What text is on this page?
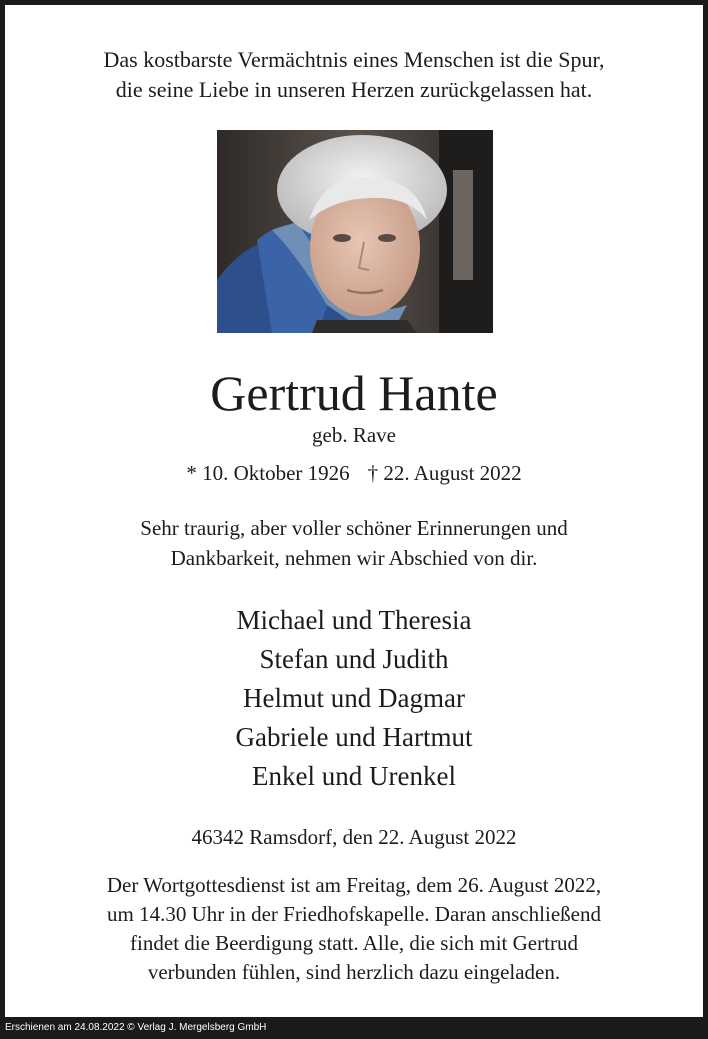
Das kostbarste Vermächtnis eines Menschen ist die Spur,
die seine Liebe in unseren Herzen zurückgelassen hat.
Gertrud Hante
geb. Rave
* 10. Oktober 1926 † 22. August 2022
Sehr traurig, aber voller schöner Erinnerungen und
Dankbarkeit, nehmen wir Abschied von dir.
Michael und Theresia
Stefan und Judith
Helmut und Dagmar
Gabriele und Hartmut
Enkel und Urenkel
46342 Ramsdorf, den 22. August 2022
Der Wortgottesdienst ist am Freitag, dem 26. August 2022,
um 14.30 Uhr in der Friedhofskapelle. Daran anschließend
findet die Beerdigung statt. Alle, die sich mit Gertrud
verbunden fühlen, sind herzlich dazu eingeladen.
Erschienen am 24.08.2022 © Verlag J. Mergelsberg GmbH
